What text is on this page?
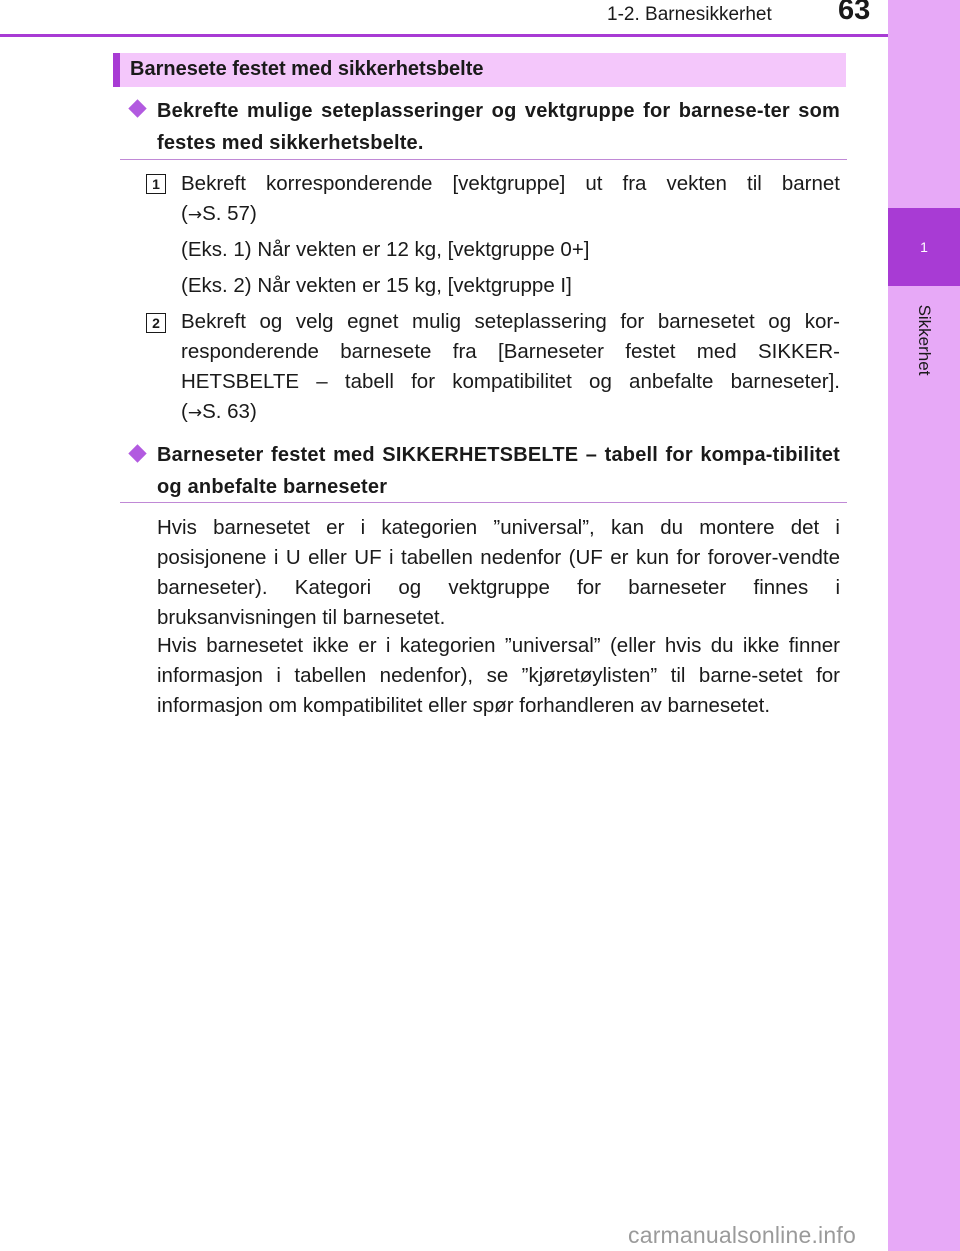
1-2. Barnesikkerhet 63
1
Sikkerhet
Barnesete festet med sikkerhetsbelte
Bekrefte mulige seteplasseringer og vektgruppe for barnese-ter som festes med sikkerhetsbelte.
1 Bekreft korresponderende [vektgruppe] ut fra vekten til barnet
(→S. 57)
(Eks. 1) Når vekten er 12 kg, [vektgruppe 0+]
(Eks. 2) Når vekten er 15 kg, [vektgruppe I]
2 Bekreft og velg egnet mulig seteplassering for barnesetet og kor-responderende barnesete fra [Barneseter festet med SIKKER-HETSBELTE – tabell for kompatibilitet og anbefalte barneseter].
(→S. 63)
Barneseter festet med SIKKERHETSBELTE – tabell for kompa-tibilitet og anbefalte barneseter
Hvis barnesetet er i kategorien ”universal”, kan du montere det i posisjonene i U eller UF i tabellen nedenfor (UF er kun for forover-vendte barneseter). Kategori og vektgruppe for barneseter finnes i bruksanvisningen til barnesetet.
Hvis barnesetet ikke er i kategorien ”universal” (eller hvis du ikke finner informasjon i tabellen nedenfor), se ”kjøretøylisten” til barne-setet for informasjon om kompatibilitet eller spør forhandleren av barnesetet.
carmanualsonline.info
